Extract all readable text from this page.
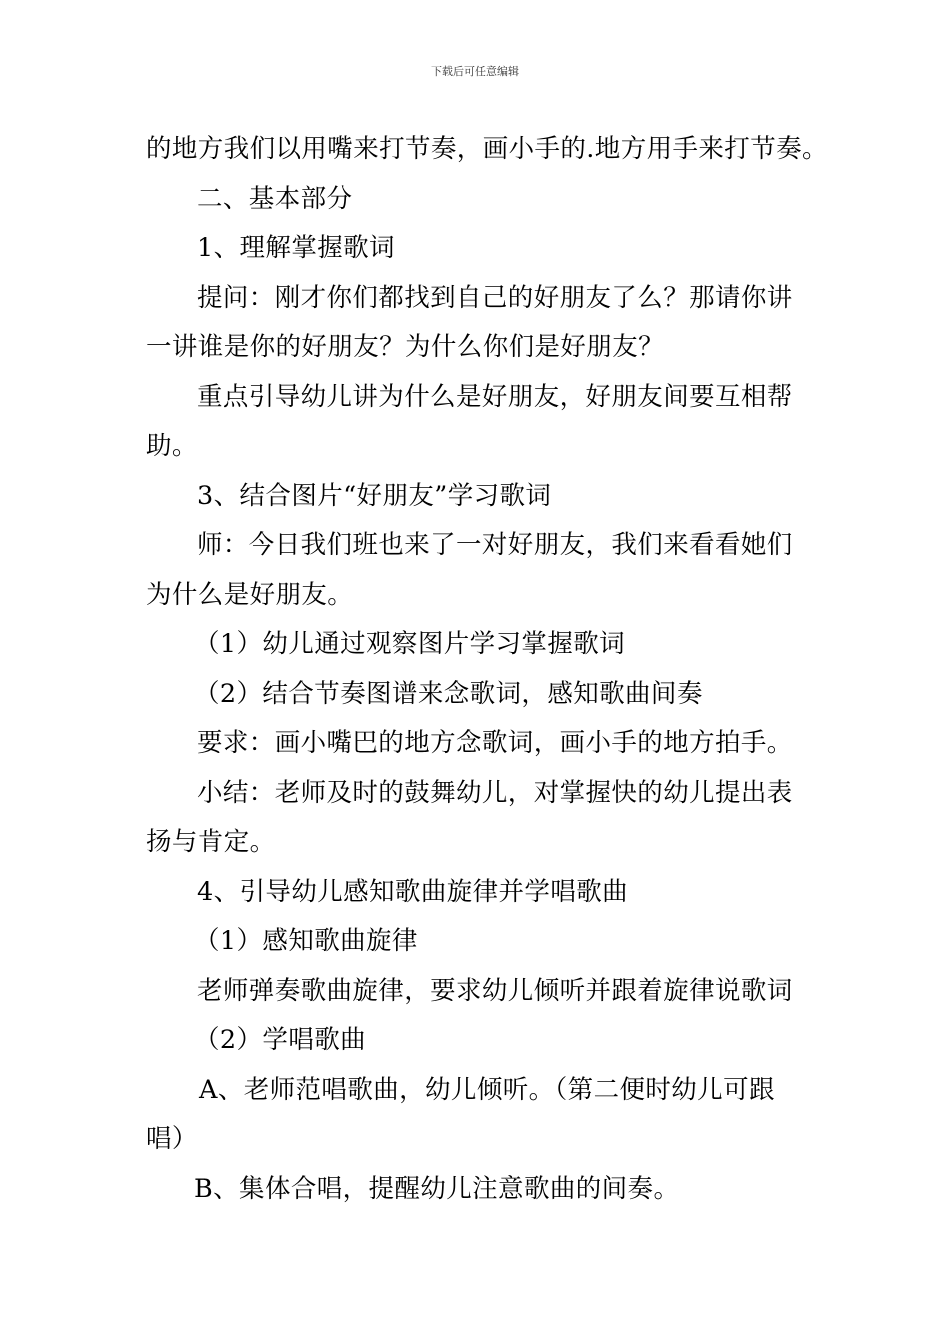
下载后可任意编辑

的地方我们以用嘴来打节奏，画小手的.地方用手来打节奏。

二、基本部分

1、理解掌握歌词

提问：刚才你们都找到自己的好朋友了么？那请你讲

一讲谁是你的好朋友？为什么你们是好朋友？

重点引导幼儿讲为什么是好朋友，好朋友间要互相帮

助。

3、结合图片“好朋友”学习歌词

师：今日我们班也来了一对好朋友，我们来看看她们

为什么是好朋友。

（1）幼儿通过观察图片学习掌握歌词

（2）结合节奏图谱来念歌词，感知歌曲间奏

要求：画小嘴巴的地方念歌词，画小手的地方拍手。

小结：老师及时的鼓舞幼儿，对掌握快的幼儿提出表

扬与肯定。

4、引导幼儿感知歌曲旋律并学唱歌曲

（1）感知歌曲旋律

老师弹奏歌曲旋律，要求幼儿倾听并跟着旋律说歌词

（2）学唱歌曲

A、老师范唱歌曲，幼儿倾听。（第二便时幼儿可跟

唱）

B、集体合唱，提醒幼儿注意歌曲的间奏。
